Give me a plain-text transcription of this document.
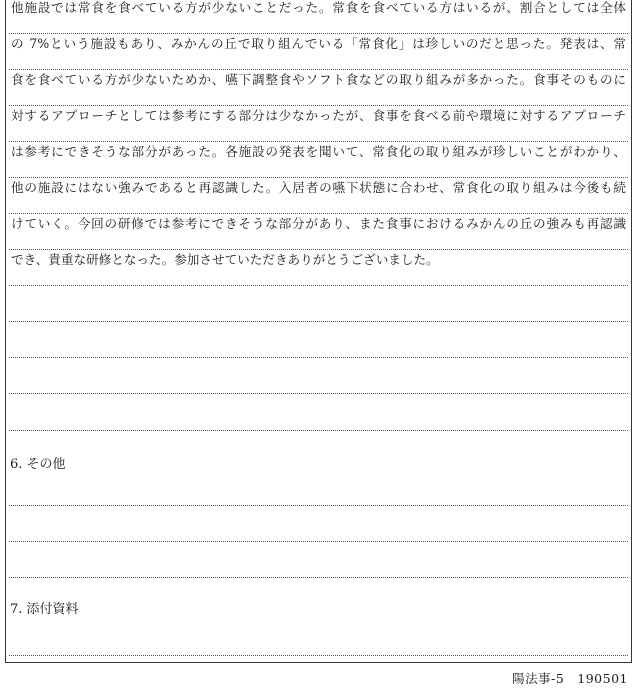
他施設では常食を食べている方が少ないことだった。常食を食べている方はいるが、割合としては全体
の 7%という施設もあり、みかんの丘で取り組んでいる「常食化」は珍しいのだと思った。発表は、常
食を食べている方が少ないためか、嚥下調整食やソフト食などの取り組みが多かった。食事そのものに
対するアプローチとしては参考にする部分は少なかったが、食事を食べる前や環境に対するアプローチ
は参考にできそうな部分があった。各施設の発表を聞いて、常食化の取り組みが珍しいことがわかり、
他の施設にはない強みであると再認識した。入居者の嚥下状態に合わせ、常食化の取り組みは今後も続
けていく。今回の研修では参考にできそうな部分があり、また食事におけるみかんの丘の強みも再認識
でき、貴重な研修となった。参加させていただきありがとうございました。
6. その他
7. 添付資料
陽法事-5　190501
